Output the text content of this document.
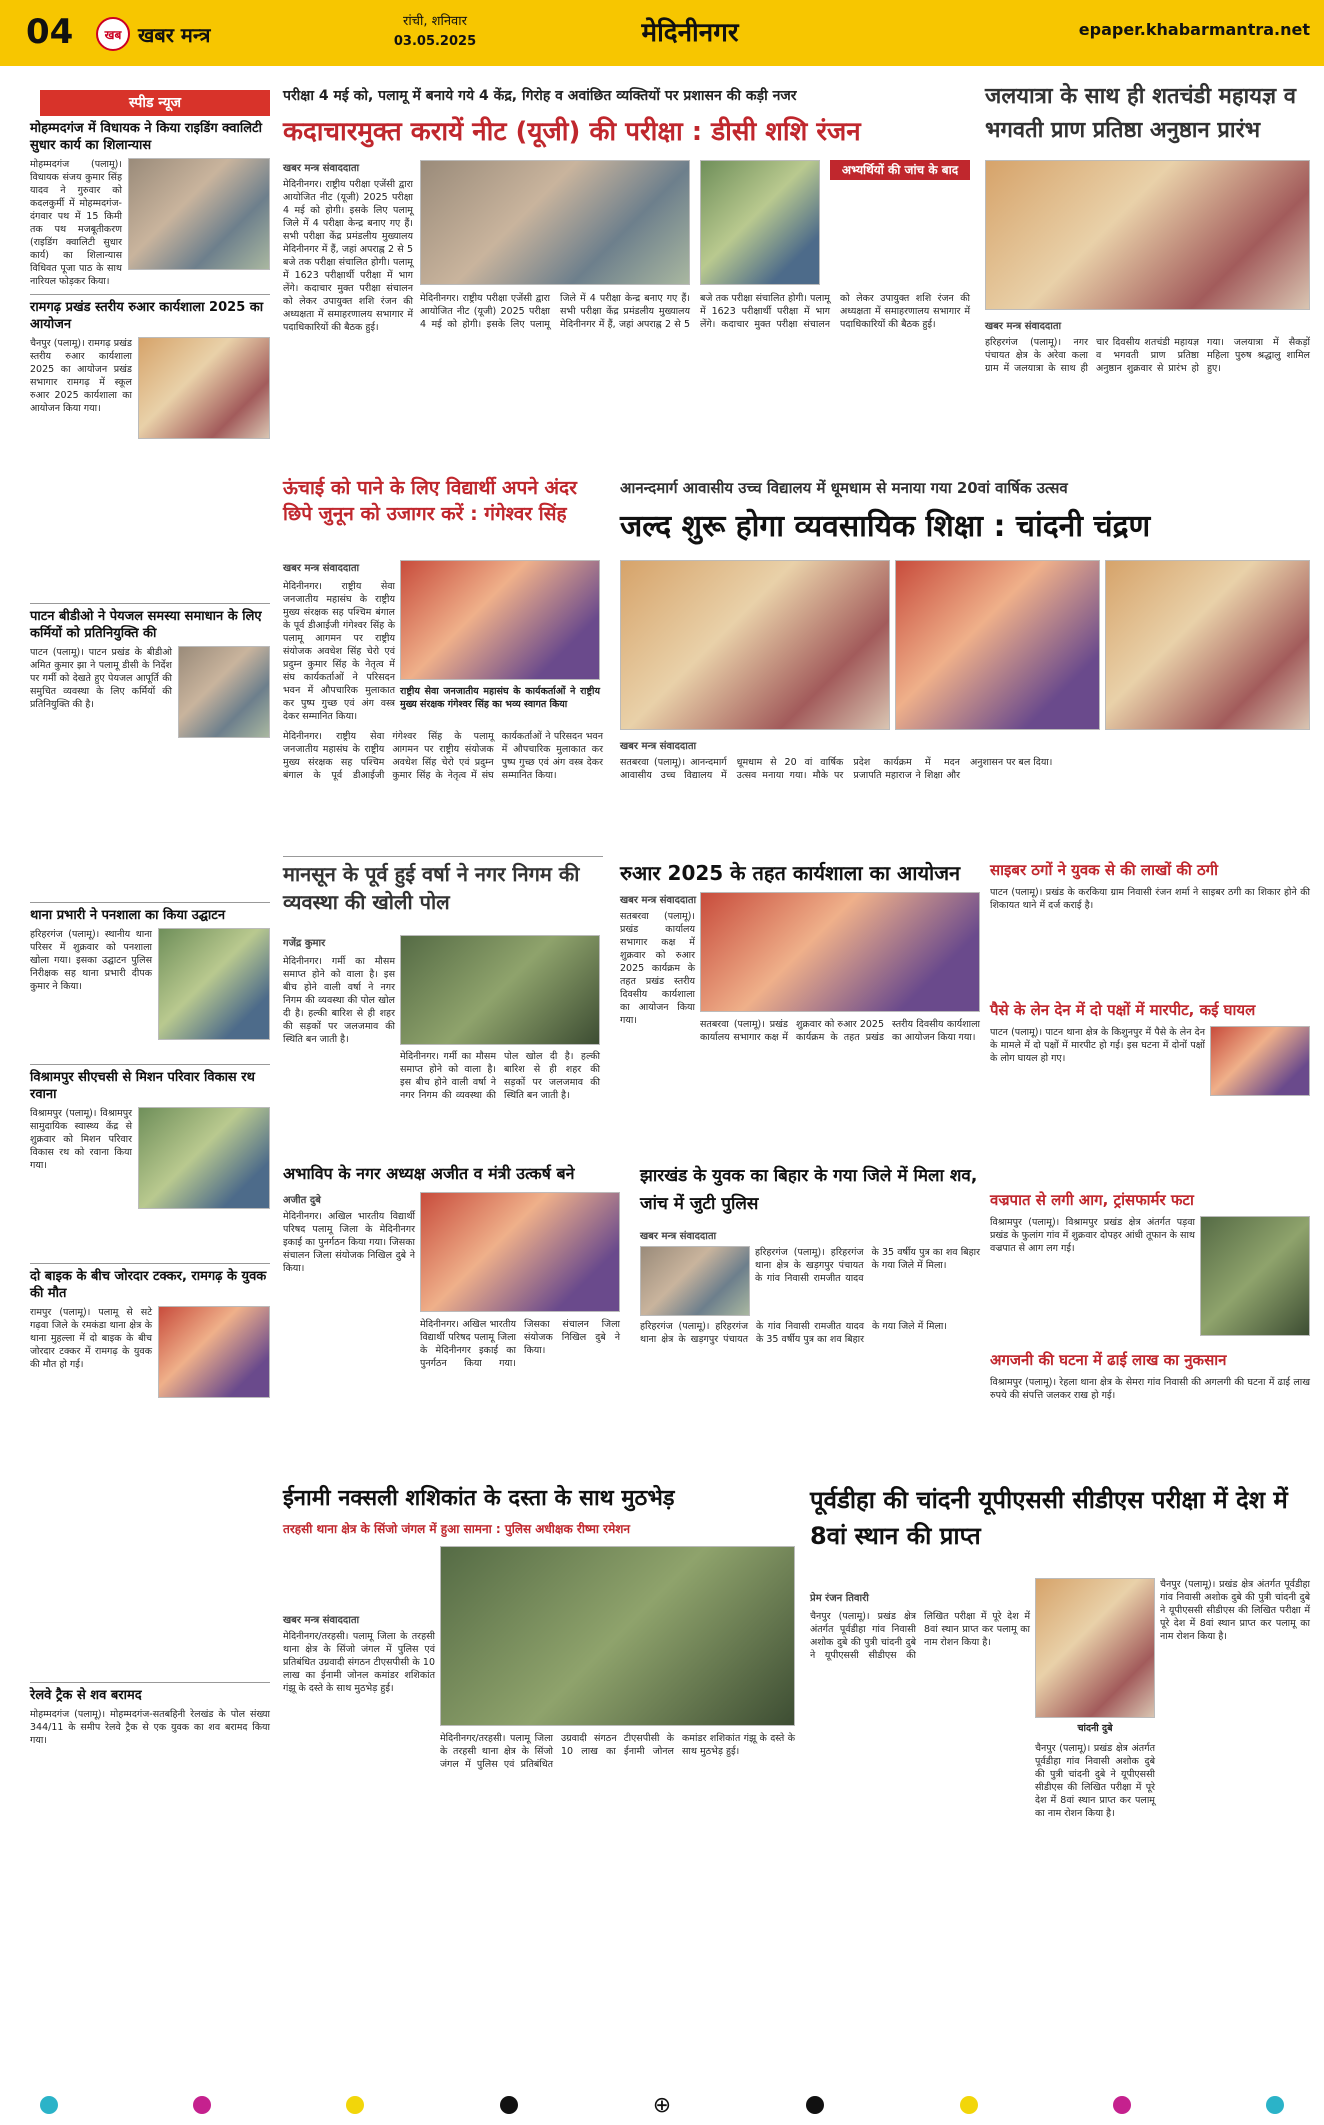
04	खब खबर मन्त्र
रांची, शनिवार
03.05.2025	मेदिनीनगर	epaper.khabarmantra.net
स्पीड न्यूज	परीक्षा 4 मई को, पलामू में बनाये गये 4 केंद्र, गिरोह व अवांछित व्यक्तियों पर प्रशासन की कड़ी नजर	जलयात्रा के साथ ही शतचंडी महायज्ञ व भगवती प्राण प्रतिष्ठा अनुष्ठान प्रारंभ
मोहम्मदगंज में विधायक ने किया राइडिंग क्वालिटी सुधार कार्य का शिलान्यास
मोहम्मदगंज (पलामू)। विधायक संजय कुमार सिंह यादव ने गुरुवार को कदलकुर्मी में मोहम्मदगंज-दंगवार पथ में 15 किमी तक पथ मजबूतीकरण (राइडिंग क्वालिटी सुधार कार्य) का शिलान्यास विधिवत पूजा पाठ के साथ नारियल फोड़कर किया।
रामगढ़ प्रखंड स्तरीय रुआर कार्यशाला 2025 का आयोजन
चैनपुर (पलामू)। रामगढ़ प्रखंड स्तरीय रुआर कार्यशाला 2025 का आयोजन प्रखंड सभागार रामगढ़ में स्कूल रुआर 2025 कार्यशाला का आयोजन किया गया।
पाटन बीडीओ ने पेयजल समस्या समाधान के लिए कर्मियों को प्रतिनियुक्ति की
पाटन (पलामू)। पाटन प्रखंड के बीडीओ अमित कुमार झा ने पलामू डीसी के निर्देश पर गर्मी को देखते हुए पेयजल आपूर्ति की समुचित व्यवस्था के लिए कर्मियों की प्रतिनियुक्ति की है।
थाना प्रभारी ने पनशाला का किया उद्घाटन
हरिहरगंज (पलामू)। स्थानीय थाना परिसर में शुक्रवार को पनशाला खोला गया। इसका उद्घाटन पुलिस निरीक्षक सह थाना प्रभारी दीपक कुमार ने किया।
विश्रामपुर सीएचसी से मिशन परिवार विकास रथ रवाना
विश्रामपुर (पलामू)। विश्रामपुर सामुदायिक स्वास्थ्य केंद्र से शुक्रवार को मिशन परिवार विकास रथ को रवाना किया गया।
दो बाइक के बीच जोरदार टक्कर, रामगढ़ के युवक की मौत
रामपुर (पलामू)। पलामू से सटे गढ़वा जिले के रमकंडा थाना क्षेत्र के थाना मुहल्ला में दो बाइक के बीच जोरदार टक्कर में रामगढ़ के युवक की मौत हो गई।
रेलवे ट्रैक से शव बरामद
मोहम्मदगंज (पलामू)। मोहम्मदगंज-सतबहिनी रेलखंड के पोल संख्या 344/11 के समीप रेलवे ट्रैक से एक युवक का शव बरामद किया गया।
कदाचारमुक्त करायें नीट (यूजी) की परीक्षा : डीसी शशि रंजन
खबर मन्त्र संवाददाता
मेदिनीनगर। राष्ट्रीय परीक्षा एजेंसी द्वारा आयोजित नीट (यूजी) 2025 परीक्षा 4 मई को होगी। इसके लिए पलामू जिले में 4 परीक्षा केन्द्र बनाए गए हैं। सभी परीक्षा केंद्र प्रमंडलीय मुख्यालय मेदिनीनगर में हैं, जहां अपराह्न 2 से 5 बजे तक परीक्षा संचालित होगी। पलामू में 1623 परीक्षार्थी परीक्षा में भाग लेंगे। कदाचार मुक्त परीक्षा संचालन को लेकर उपायुक्त शशि रंजन की अध्यक्षता में समाहरणालय सभागार में पदाधिकारियों की बैठक हुई।
अभ्यर्थियों की जांच के बाद प्रवेश
मेदिनीनगर। राष्ट्रीय परीक्षा एजेंसी द्वारा आयोजित नीट (यूजी) 2025 परीक्षा 4 मई को होगी। इसके लिए पलामू जिले में 4 परीक्षा केन्द्र बनाए गए हैं। सभी परीक्षा केंद्र प्रमंडलीय मुख्यालय मेदिनीनगर में हैं, जहां अपराह्न 2 से 5 बजे तक परीक्षा संचालित होगी। पलामू में 1623 परीक्षार्थी परीक्षा में भाग लेंगे। कदाचार मुक्त परीक्षा संचालन को लेकर उपायुक्त शशि रंजन की अध्यक्षता में समाहरणालय सभागार में पदाधिकारियों की बैठक हुई।	खबर मन्त्र संवाददाता
हरिहरगंज (पलामू)। नगर पंचायत क्षेत्र के अरेवा कला ग्राम में जलयात्रा के साथ ही चार दिवसीय शतचंडी महायज्ञ व भगवती प्राण प्रतिष्ठा अनुष्ठान शुक्रवार से प्रारंभ हो गया। जलयात्रा में सैकड़ों महिला पुरुष श्रद्धालु शामिल हुए।
ऊंचाई को पाने के लिए विद्यार्थी अपने अंदर छिपे जुनून को उजागर करें : गंगेश्वर सिंह
खबर मन्त्र संवाददाता
राष्ट्रीय सेवा जनजातीय महासंघ के कार्यकर्ताओं ने राष्ट्रीय मुख्य संरक्षक गंगेश्वर सिंह का भव्य स्वागत किया
मेदिनीनगर। राष्ट्रीय सेवा जनजातीय महासंघ के राष्ट्रीय मुख्य संरक्षक सह पश्चिम बंगाल के पूर्व डीआईजी गंगेश्वर सिंह के पलामू आगमन पर राष्ट्रीय संयोजक अवधेश सिंह चेरो एवं प्रदुम्न कुमार सिंह के नेतृत्व में संघ कार्यकर्ताओं ने परिसदन भवन में औपचारिक मुलाकात कर पुष्प गुच्छ एवं अंग वस्त्र देकर सम्मानित किया।
मेदिनीनगर। राष्ट्रीय सेवा जनजातीय महासंघ के राष्ट्रीय मुख्य संरक्षक सह पश्चिम बंगाल के पूर्व डीआईजी गंगेश्वर सिंह के पलामू आगमन पर राष्ट्रीय संयोजक अवधेश सिंह चेरो एवं प्रदुम्न कुमार सिंह के नेतृत्व में संघ कार्यकर्ताओं ने परिसदन भवन में औपचारिक मुलाकात कर पुष्प गुच्छ एवं अंग वस्त्र देकर सम्मानित किया।
मानसून के पूर्व हुई वर्षा ने नगर निगम की व्यवस्था की खोली पोल
गजेंद्र कुमार
मेदिनीनगर। गर्मी का मौसम समाप्त होने को वाला है। इस बीच होने वाली वर्षा ने नगर निगम की व्यवस्था की पोल खोल दी है। हल्की बारिश से ही शहर की सड़कों पर जलजमाव की स्थिति बन जाती है।
मेदिनीनगर। गर्मी का मौसम समाप्त होने को वाला है। इस बीच होने वाली वर्षा ने नगर निगम की व्यवस्था की पोल खोल दी है। हल्की बारिश से ही शहर की सड़कों पर जलजमाव की स्थिति बन जाती है।
आनन्दमार्ग आवासीय उच्च विद्यालय में धूमधाम से मनाया गया 20वां वार्षिक उत्सव
जल्द शुरू होगा व्यवसायिक शिक्षा : चांदनी चंद्रण
खबर मन्त्र संवाददाता
सतबरवा (पलामू)। आनन्दमार्ग आवासीय उच्च विद्यालय में धूमधाम से 20 वां वार्षिक उत्सव मनाया गया। मौके पर प्रदेश कार्यक्रम में मदन प्रजापति महाराज ने शिक्षा और अनुशासन पर बल दिया।
रुआर 2025 के तहत कार्यशाला का आयोजन
खबर मन्त्र संवाददाता
सतबरवा (पलामू)। प्रखंड कार्यालय सभागार कक्ष में शुक्रवार को रुआर 2025 कार्यक्रम के तहत प्रखंड स्तरीय दिवसीय कार्यशाला का आयोजन किया गया।	सतबरवा (पलामू)। प्रखंड कार्यालय सभागार कक्ष में शुक्रवार को रुआर 2025 कार्यक्रम के तहत प्रखंड स्तरीय दिवसीय कार्यशाला का आयोजन किया गया।
साइबर ठगों ने युवक से की लाखों की ठगी
पाटन (पलामू)। प्रखंड के करकिया ग्राम निवासी रंजन शर्मा ने साइबर ठगी का शिकार होने की शिकायत थाने में दर्ज कराई है।
पैसे के लेन देन में दो पक्षों में मारपीट, कई घायल
पाटन (पलामू)। पाटन थाना क्षेत्र के किशुनपुर में पैसे के लेन देन के मामले में दो पक्षों में मारपीट हो गई। इस घटना में दोनों पक्षों के लोग घायल हो गए।
वज्रपात से लगी आग, ट्रांसफार्मर फटा
विश्रामपुर (पलामू)। विश्रामपुर प्रखंड क्षेत्र अंतर्गत पड़वा प्रखंड के फुलांग गांव में शुक्रवार दोपहर आंधी तूफान के साथ वज्रपात से आग लग गई।
अगजनी की घटना में ढाई लाख का नुकसान
विश्रामपुर (पलामू)। रेहला थाना क्षेत्र के सेमरा गांव निवासी की अगलगी की घटना में ढाई लाख रुपये की संपत्ति जलकर राख हो गई।
अभाविप के नगर अध्यक्ष अजीत व मंत्री उत्कर्ष बने
अजीत दुबे
मेदिनीनगर। अखिल भारतीय विद्यार्थी परिषद पलामू जिला के मेदिनीनगर इकाई का पुनर्गठन किया गया। जिसका संचालन जिला संयोजक निखिल दुबे ने किया।
मेदिनीनगर। अखिल भारतीय विद्यार्थी परिषद पलामू जिला के मेदिनीनगर इकाई का पुनर्गठन किया गया। जिसका संचालन जिला संयोजक निखिल दुबे ने किया।
झारखंड के युवक का बिहार के गया जिले में मिला शव, जांच में जुटी पुलिस
खबर मन्त्र संवाददाता
हरिहरगंज (पलामू)। हरिहरगंज थाना क्षेत्र के खड़गपुर पंचायत के गांव निवासी रामजीत यादव के 35 वर्षीय पुत्र का शव बिहार के गया जिले में मिला।
हरिहरगंज (पलामू)। हरिहरगंज थाना क्षेत्र के खड़गपुर पंचायत के गांव निवासी रामजीत यादव के 35 वर्षीय पुत्र का शव बिहार के गया जिले में मिला।
ईनामी नक्सली शशिकांत के दस्ता के साथ मुठभेड़
तरहसी थाना क्षेत्र के सिंजो जंगल में हुआ सामना : पुलिस अधीक्षक रीष्मा रमेशन
खबर मन्त्र संवाददाता
मेदिनीनगर/तरहसी। पलामू जिला के तरहसी थाना क्षेत्र के सिंजो जंगल में पुलिस एवं प्रतिबंधित उग्रवादी संगठन टीएसपीसी के 10 लाख का ईनामी जोनल कमांडर शशिकांत गंझू के दस्ते के साथ मुठभेड़ हुई।
मेदिनीनगर/तरहसी। पलामू जिला के तरहसी थाना क्षेत्र के सिंजो जंगल में पुलिस एवं प्रतिबंधित उग्रवादी संगठन टीएसपीसी के 10 लाख का ईनामी जोनल कमांडर शशिकांत गंझू के दस्ते के साथ मुठभेड़ हुई।
पूर्वडीहा की चांदनी यूपीएससी सीडीएस परीक्षा में देश में 8वां स्थान की प्राप्त
प्रेम रंजन तिवारी
चांदनी दुबे
चैनपुर (पलामू)। प्रखंड क्षेत्र अंतर्गत पूर्वडीहा गांव निवासी अशोक दुबे की पुत्री चांदनी दुबे ने यूपीएससी सीडीएस की लिखित परीक्षा में पूरे देश में 8वां स्थान प्राप्त कर पलामू का नाम रोशन किया है।
चैनपुर (पलामू)। प्रखंड क्षेत्र अंतर्गत पूर्वडीहा गांव निवासी अशोक दुबे की पुत्री चांदनी दुबे ने यूपीएससी सीडीएस की लिखित परीक्षा में पूरे देश में 8वां स्थान प्राप्त कर पलामू का नाम रोशन किया है।
चैनपुर (पलामू)। प्रखंड क्षेत्र अंतर्गत पूर्वडीहा गांव निवासी अशोक दुबे की पुत्री चांदनी दुबे ने यूपीएससी सीडीएस की लिखित परीक्षा में पूरे देश में 8वां स्थान प्राप्त कर पलामू का नाम रोशन किया है।
⊕
